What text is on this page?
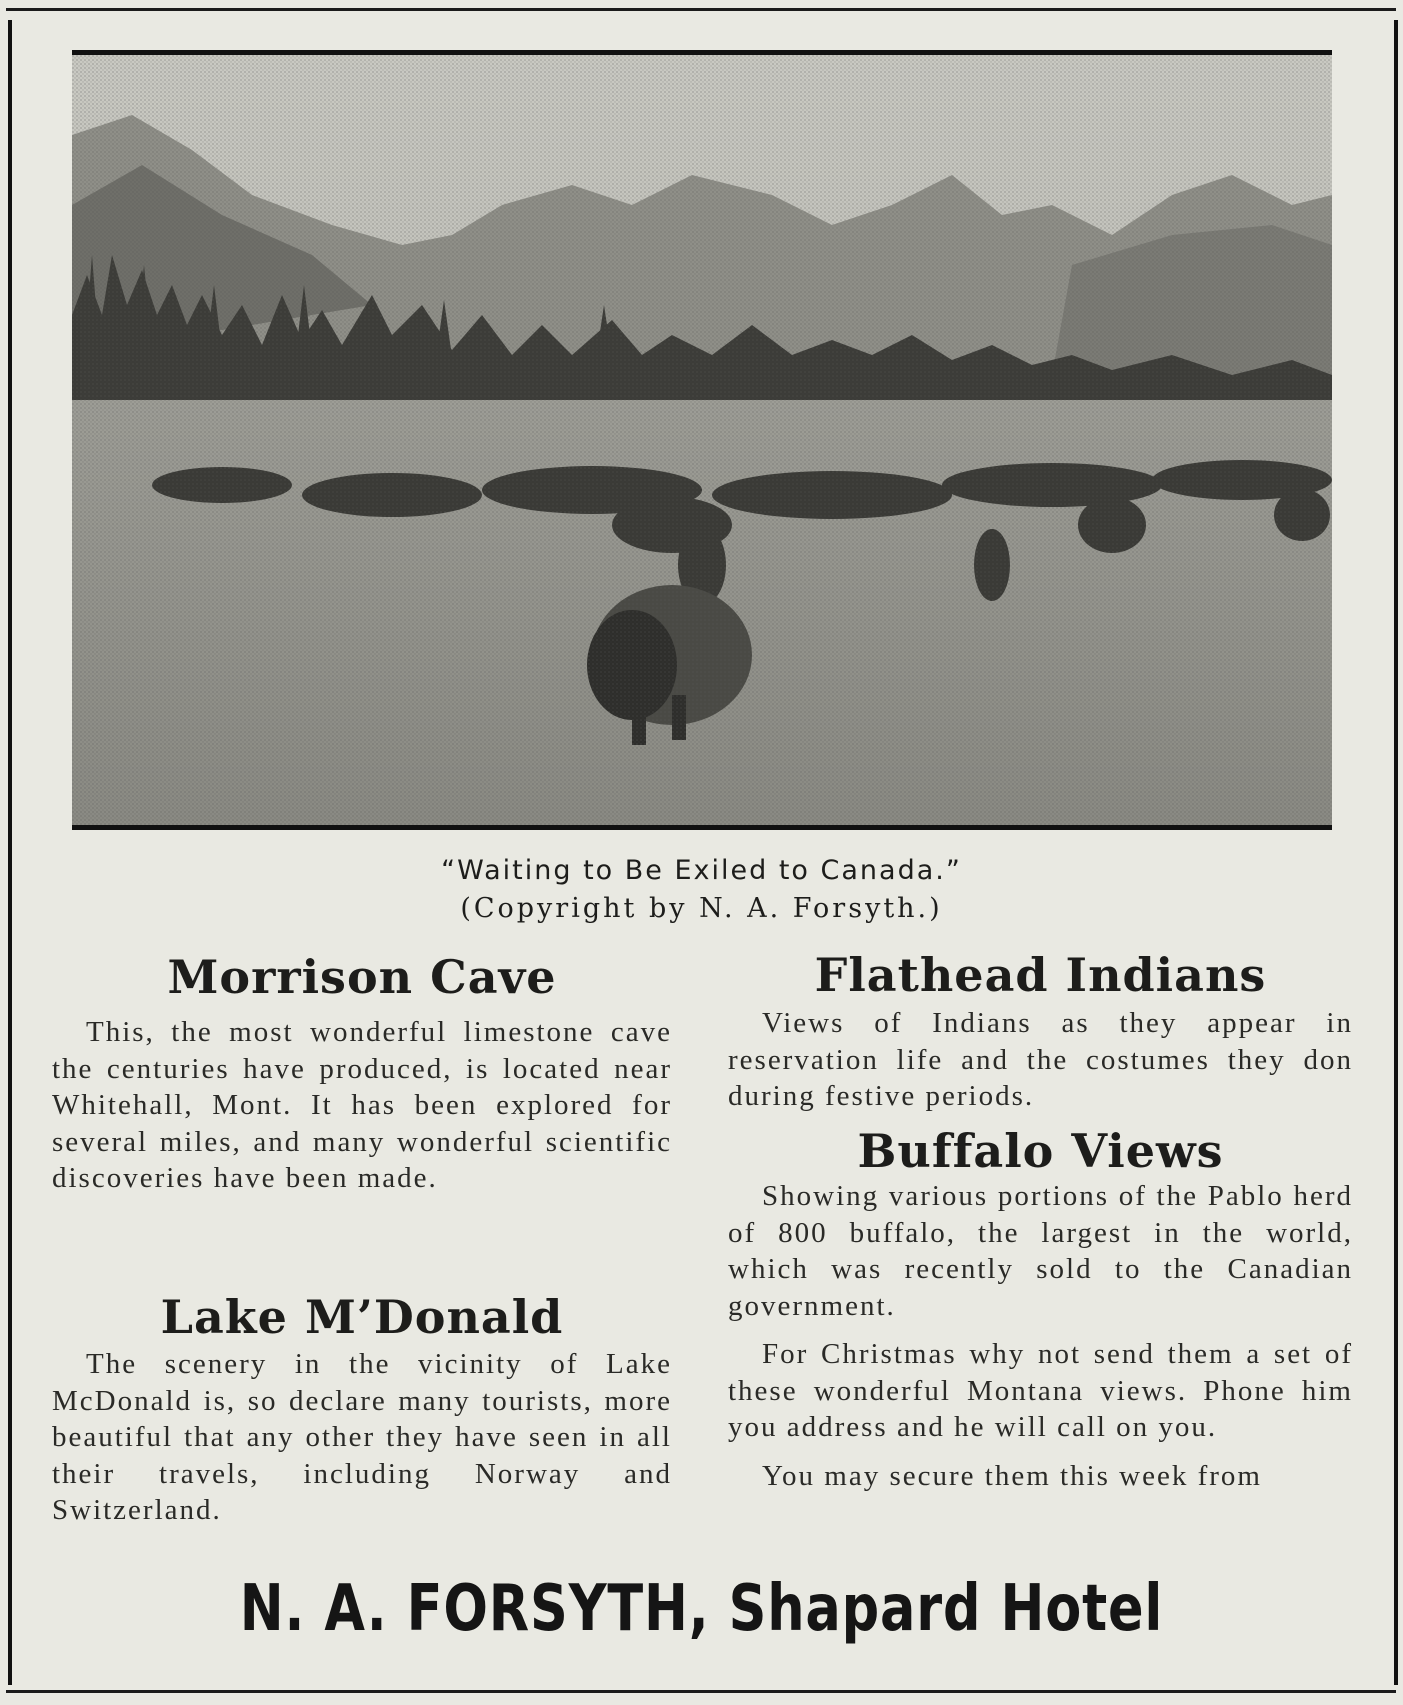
“Waiting to Be Exiled to Canada.”
(Copyright by N. A. Forsyth.)
Morrison Cave

This, the most wonderful limestone cave the centuries have produced, is located near Whitehall, Mont. It has been explored for several miles, and many wonderful scientific discoveries have been made.

Lake M’Donald

The scenery in the vicinity of Lake McDonald is, so declare many tourists, more beautiful that any other they have seen in all their travels, including Norway and Switzerland.

Flathead Indians

Views of Indians as they appear in reservation life and the costumes they don during festive periods.

Buffalo Views

Showing various portions of the Pablo herd of 800 buffalo, the largest in the world, which was recently sold to the Canadian government.

For Christmas why not send them a set of these wonderful Montana views. Phone him you address and he will call on you.

You may secure them this week from

N. A. FORSYTH, Shapard Hotel
